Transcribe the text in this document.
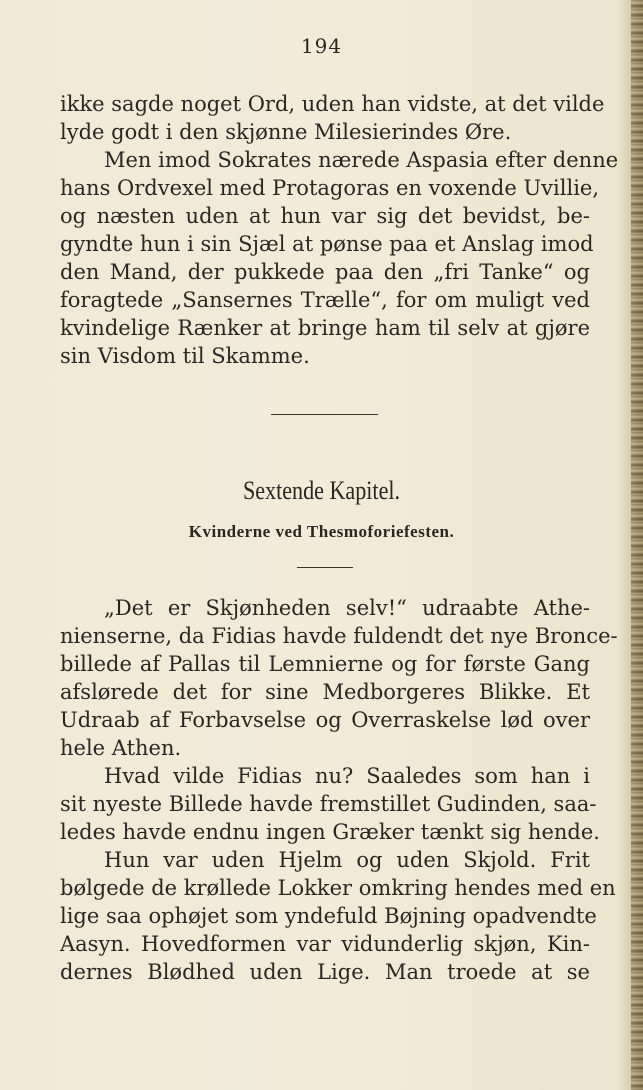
194
ikke sagde noget Ord, uden han vidste, at det vilde
lyde godt i den skjønne Milesierindes Øre.
Men imod Sokrates nærede Aspasia efter denne
hans Ordvexel med Protagoras en voxende Uvillie,
og næsten uden at hun var sig det bevidst, be-
gyndte hun i sin Sjæl at pønse paa et Anslag imod
den Mand, der pukkede paa den „fri Tanke“ og
foragtede „Sansernes Trælle“, for om muligt ved
kvindelige Rænker at bringe ham til selv at gjøre
sin Visdom til Skamme.
Sextende Kapitel.
Kvinderne ved Thesmoforiefesten.
„Det er Skjønheden selv!“ udraabte Athe-
nienserne, da Fidias havde fuldendt det nye Bronce-
billede af Pallas til Lemnierne og for første Gang
afslørede det for sine Medborgeres Blikke. Et
Udraab af Forbavselse og Overraskelse lød over
hele Athen.
Hvad vilde Fidias nu? Saaledes som han i
sit nyeste Billede havde fremstillet Gudinden, saa-
ledes havde endnu ingen Græker tænkt sig hende.
Hun var uden Hjelm og uden Skjold. Frit
bølgede de krøllede Lokker omkring hendes med en
lige saa ophøjet som yndefuld Bøjning opadvendte
Aasyn. Hovedformen var vidunderlig skjøn, Kin-
dernes Blødhed uden Lige. Man troede at se
